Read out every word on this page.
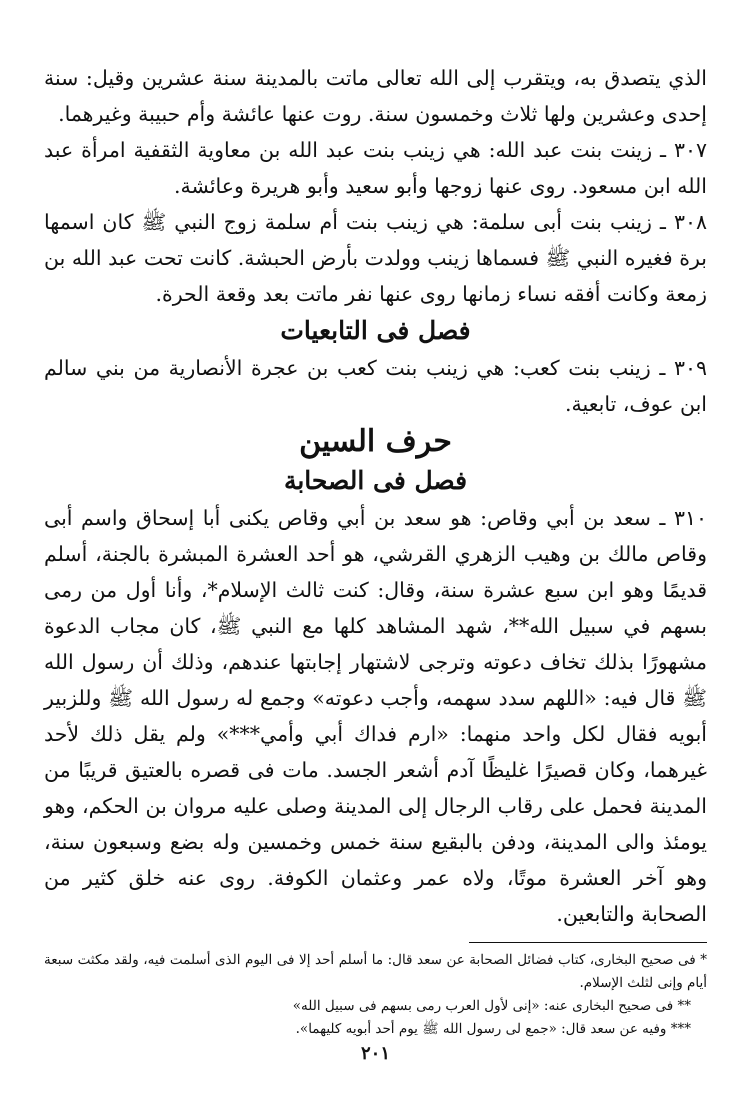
الذي يتصدق به، ويتقرب إلى الله تعالى ماتت بالمدينة سنة عشرين وقيل: سنة إحدى وعشرين ولها ثلاث وخمسون سنة. روت عنها عائشة وأم حبيبة وغيرهما.

٣٠٧ ـ زينت بنت عبد الله: هي زينب بنت عبد الله بن معاوية الثقفية امرأة عبد الله ابن مسعود. روى عنها زوجها وأبو سعيد وأبو هريرة وعائشة.

٣٠٨ ـ زينب بنت أبى سلمة: هي زينب بنت أم سلمة زوج النبي ﷺ كان اسمها برة فغيره النبي ﷺ فسماها زينب وولدت بأرض الحبشة. كانت تحت عبد الله بن زمعة وكانت أفقه نساء زمانها روى عنها نفر ماتت بعد وقعة الحرة.

فصل فى التابعيات

٣٠٩ ـ زينب بنت كعب: هي زينب بنت كعب بن عجرة الأنصارية من بني سالم ابن عوف، تابعية.

حرف السين
فصل فى الصحابة

٣١٠ ـ سعد بن أبي وقاص: هو سعد بن أبي وقاص يكنى أبا إسحاق واسم أبى وقاص مالك بن وهيب الزهري القرشي، هو أحد العشرة المبشرة بالجنة، أسلم قديمًا وهو ابن سبع عشرة سنة، وقال: كنت ثالث الإسلام*، وأنا أول من رمى بسهم في سبيل الله**، شهد المشاهد كلها مع النبي ﷺ، كان مجاب الدعوة مشهورًا بذلك تخاف دعوته وترجى لاشتهار إجابتها عندهم، وذلك أن رسول الله ﷺ قال فيه: «اللهم سدد سهمه، وأجب دعوته» وجمع له رسول الله ﷺ وللزبير أبويه فقال لكل واحد منهما: «ارم فداك أبي وأمي***» ولم يقل ذلك لأحد غيرهما، وكان قصيرًا غليظًا آدم أشعر الجسد. مات فى قصره بالعتيق قريبًا من المدينة فحمل على رقاب الرجال إلى المدينة وصلى عليه مروان بن الحكم، وهو يومئذ والى المدينة، ودفن بالبقيع سنة خمس وخمسين وله بضع وسبعون سنة، وهو آخر العشرة موتًا، ولاه عمر وعثمان الكوفة. روى عنه خلق كثير من الصحابة والتابعين.

* فى صحيح البخارى، كتاب فضائل الصحابة عن سعد قال: ما أسلم أحد إلا فى اليوم الذى أسلمت فيه، ولقد مكثت سبعة أيام وإنى لثلث الإسلام.

** فى صحيح البخارى عنه: «إنى لأول العرب رمى بسهم فى سبيل الله»

*** وفيه عن سعد قال: «جمع لى رسول الله ﷺ يوم أحد أبويه كليهما».

٢٠١
